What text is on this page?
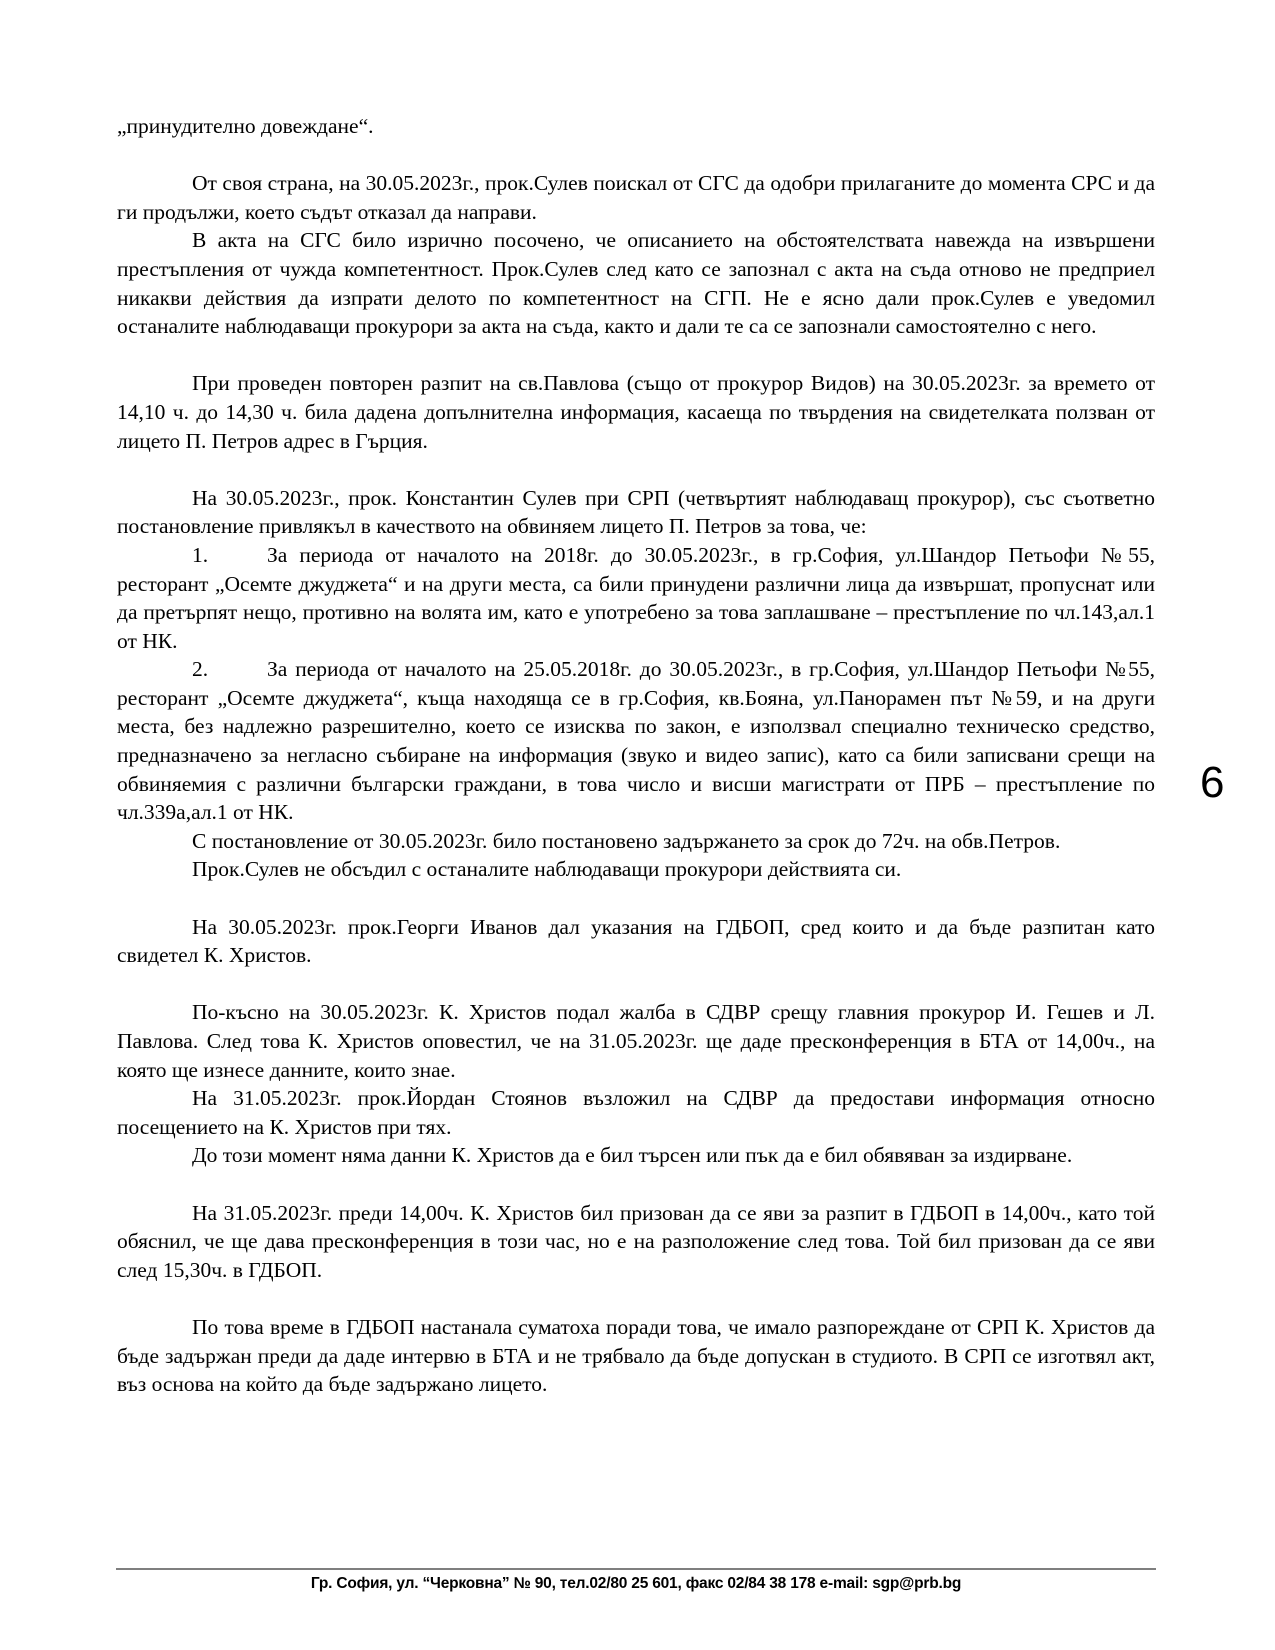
„принудително довеждане“.

От своя страна, на 30.05.2023г., прок.Сулев поискал от СГС да одобри прилаганите до момента СРС и да ги продължи, което съдът отказал да направи.

В акта на СГС било изрично посочено, че описанието на обстоятелствата навежда на извършени престъпления от чужда компетентност. Прок.Сулев след като се запознал с акта на съда отново не предприел никакви действия да изпрати делото по компетентност на СГП. Не е ясно дали прок.Сулев е уведомил останалите наблюдаващи прокурори за акта на съда, както и дали те са се запознали самостоятелно с него.

При проведен повторен разпит на св.Павлова (също от прокурор Видов) на 30.05.2023г. за времето от 14,10 ч. до 14,30 ч. била дадена допълнителна информация, касаеща по твърдения на свидетелката ползван от лицето П. Петров адрес в Гърция.

На 30.05.2023г., прок. Константин Сулев при СРП (четвъртият наблюдаващ прокурор), със съответно постановление привлякъл в качеството на обвиняем лицето П. Петров за това, че:

1.	За периода от началото на 2018г. до 30.05.2023г., в гр.София, ул.Шандор Петьофи №55, ресторант „Осемте джуджета“ и на други места, са били принудени различни лица да извършат, пропуснат или да претърпят нещо, противно на волята им, като е употребено за това заплашване – престъпление по чл.143,ал.1 от НК.

2.	За периода от началото на 25.05.2018г. до 30.05.2023г., в гр.София, ул.Шандор Петьофи №55, ресторант „Осемте джуджета“, къща находяща се в гр.София, кв.Бояна, ул.Панорамен път №59, и на други места, без надлежно разрешително, което се изисква по закон, е използвал специално техническо средство, предназначено за негласно събиране на информация (звуко и видео запис), като са били записвани срещи на обвиняемия с различни български граждани, в това число и висши магистрати от ПРБ – престъпление по чл.339а,ал.1 от НК.

С постановление от 30.05.2023г. било постановено задържането за срок до 72ч. на обв.Петров.

Прок.Сулев не обсъдил с останалите наблюдаващи прокурори действията си.

На 30.05.2023г. прок.Георги Иванов дал указания на ГДБОП, сред които и да бъде разпитан като свидетел К. Христов.

По-късно на 30.05.2023г. К. Христов подал жалба в СДВР срещу главния прокурор И. Гешев и Л. Павлова. След това К. Христов оповестил, че на 31.05.2023г. ще даде пресконференция в БТА от 14,00ч., на която ще изнесе данните, които знае.

На 31.05.2023г. прок.Йордан Стоянов възложил на СДВР да предостави информация относно посещението на К. Христов при тях.

До този момент няма данни К. Христов да е бил търсен или пък да е бил обявяван за издирване.

На 31.05.2023г. преди 14,00ч. К. Христов бил призован да се яви за разпит в ГДБОП в 14,00ч., като той обяснил, че ще дава пресконференция в този час, но е на разположение след това. Той бил призован да се яви след 15,30ч. в ГДБОП.

По това време в ГДБОП настанала суматоха поради това, че имало разпореждане от СРП К. Христов да бъде задържан преди да даде интервю в БТА и не трябвало да бъде допускан в студиото. В СРП се изготвял акт, въз основа на който да бъде задържано лицето.

6
Гр. София, ул. “Черковна” № 90, тел.02/80 25 601, факс 02/84 38 178 e-mail: sgp@prb.bg
